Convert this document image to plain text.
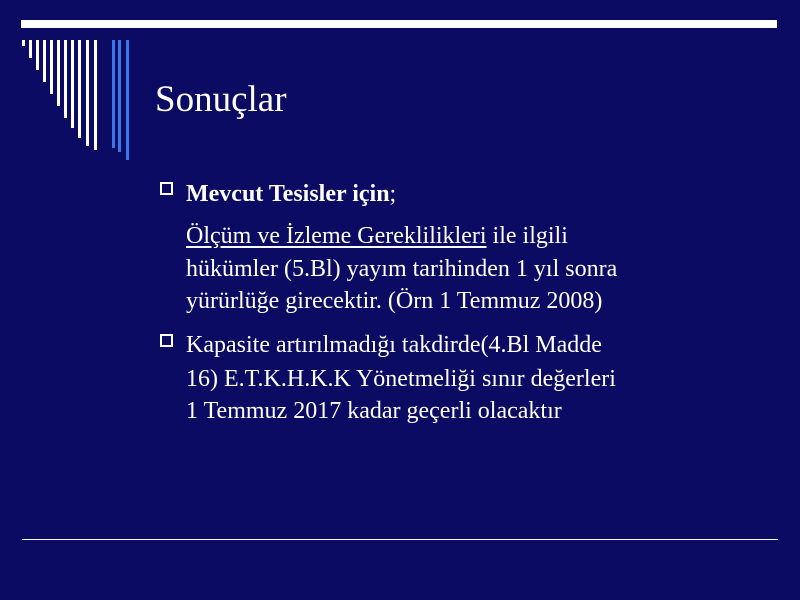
Sonuçlar
Mevcut Tesisler için;
Ölçüm ve İzleme Gereklilikleri ile ilgili
hükümler (5.Bl) yayım tarihinden 1 yıl sonra
yürürlüğe girecektir. (Örn 1 Temmuz 2008)
Kapasite artırılmadığı takdirde(4.Bl Madde
16) E.T.K.H.K.K Yönetmeliği sınır değerleri
1 Temmuz 2017 kadar geçerli olacaktır
